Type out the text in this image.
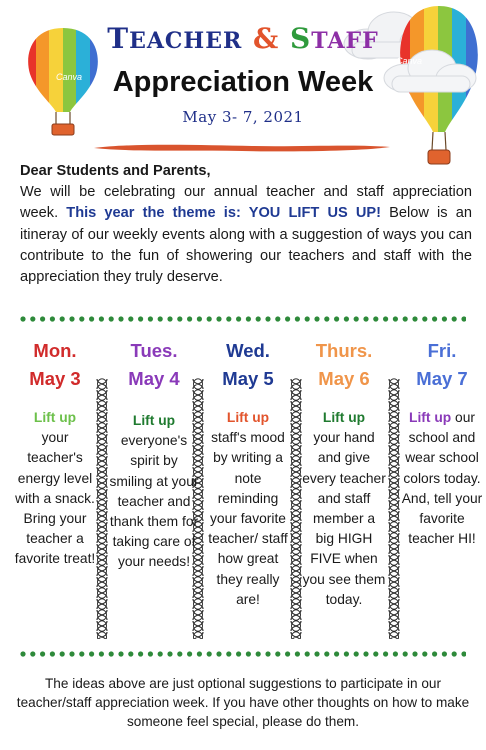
Canva
Canva
TEACHER & STAFF
Appreciation Week
May 3- 7, 2021
Dear Students and Parents,
We will be celebrating our annual teacher and staff appreciation week. This year the theme is: YOU LIFT US UP! Below is an itineray of our weekly events along with a suggestion of ways you can contribute to the fun of showering our teachers and staff with the appreciation they truly deserve.
Mon.
May 3
Lift up
your teacher's energy level with a snack. Bring your teacher a favorite treat!
Tues.
May 4
Lift up
everyone's spirit by smiling at your teacher and thank them for taking care of your needs!
Wed.
May 5
Lift up
staff's mood by writing a note reminding your favorite teacher/ staff how great they really are!
Thurs.
May 6
Lift up
your hand and give every teacher and staff member a big HIGH FIVE when you see them today.
Fri.
May 7
Lift up our school and wear school colors today. And, tell your favorite teacher HI!
The ideas above are just optional suggestions to participate in our teacher/staff appreciation week. If you have other thoughts on how to make someone feel special, please do them.
